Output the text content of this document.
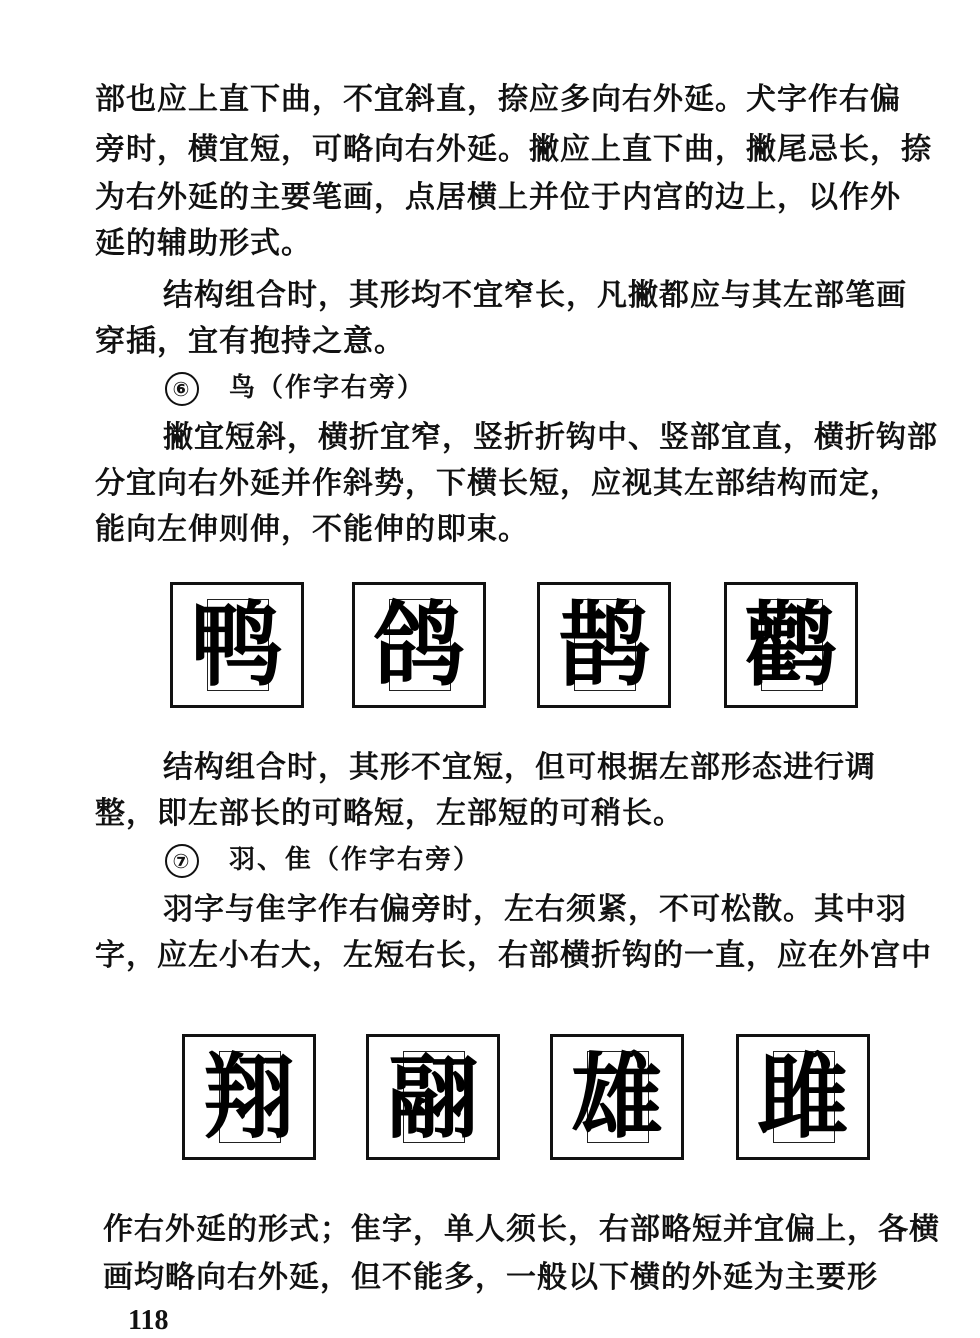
部也应上直下曲，不宜斜直，捺应多向右外延。犬字作右偏
旁时，横宜短，可略向右外延。撇应上直下曲，撇尾忌长，捺
为右外延的主要笔画，点居横上并位于内宫的边上，以作外
延的辅助形式。
结构组合时，其形均不宜窄长，凡撇都应与其左部笔画
穿插，宜有抱持之意。
⑥ 鸟（作字右旁）
撇宜短斜，横折宜窄，竖折折钩中、竖部宜直，横折钩部
分宜向右外延并作斜势，下横长短，应视其左部结构而定，
能向左伸则伸，不能伸的即束。
鸭 鸽 鹊 鹳
结构组合时，其形不宜短，但可根据左部形态进行调
整，即左部长的可略短，左部短的可稍长。
⑦ 羽、隹（作字右旁）
羽字与隹字作右偏旁时，左右须紧，不可松散。其中羽
字，应左小右大，左短右长，右部横折钩的一直，应在外宫中
翔 翮 雄 雎
作右外延的形式；隹字，单人须长，右部略短并宜偏上，各横
画均略向右外延，但不能多，一般以下横的外延为主要形
118
